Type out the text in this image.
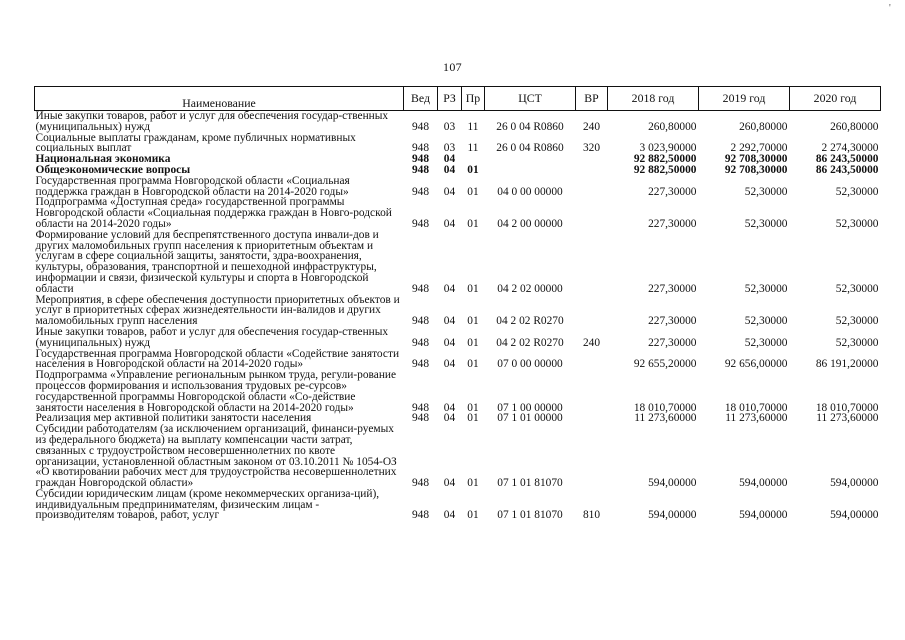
'
107
Наименование	Вед	РЗ	Пр	ЦСТ	ВР	2018 год	2019 год	2020 год
Иные закупки товаров, работ и услуг для обеспечения государ-ственных (муниципальных) нужд	948	03	11	26 0 04 R0860	240	260,80000	260,80000	260,80000
Социальные выплаты гражданам, кроме публичных нормативных социальных выплат	948	03	11	26 0 04 R0860	320	3 023,90000	2 292,70000	2 274,30000
Национальная экономика	948	04				92 882,50000	92 708,30000	86 243,50000
Общеэкономические вопросы	948	04	01			92 882,50000	92 708,30000	86 243,50000
Государственная программа Новгородской области «Социальная поддержка граждан в Новгородской области на 2014-2020 годы»	948	04	01	04 0 00 00000		227,30000	52,30000	52,30000
Подпрограмма «Доступная среда» государственной программы Новгородской области «Социальная поддержка граждан в Новго-родской области на 2014-2020 годы»	948	04	01	04 2 00 00000		227,30000	52,30000	52,30000
Формирование условий для беспрепятственного доступа инвали-дов и других маломобильных групп населения к приоритетным объектам и услугам в сфере социальной защиты, занятости, здра-воохранения, культуры, образования, транспортной и пешеходной инфраструктуры, информации и связи, физической культуры и спорта в Новгородской области	948	04	01	04 2 02 00000		227,30000	52,30000	52,30000
Мероприятия, в сфере обеспечения доступности приоритетных объектов и услуг в приоритетных сферах жизнедеятельности ин-валидов и других маломобильных групп населения	948	04	01	04 2 02 R0270		227,30000	52,30000	52,30000
Иные закупки товаров, работ и услуг для обеспечения государ-ственных (муниципальных) нужд	948	04	01	04 2 02 R0270	240	227,30000	52,30000	52,30000
Государственная программа Новгородской области «Содействие занятости населения в Новгородской области на 2014-2020 годы»	948	04	01	07 0 00 00000		92 655,20000	92 656,00000	86 191,20000
Подпрограмма «Управление региональным рынком труда, регули-рование процессов формирования и использования трудовых ре-сурсов» государственной программы Новгородской области «Со-действие занятости населения в Новгородской области на 2014-2020 годы»	948	04	01	07 1 00 00000		18 010,70000	18 010,70000	18 010,70000
Реализация мер активной политики занятости населения	948	04	01	07 1 01 00000		11 273,60000	11 273,60000	11 273,60000
Субсидии работодателям (за исключением организаций, финанси-руемых из федерального бюджета) на выплату компенсации части затрат, связанных с трудоустройством несовершеннолетних по квоте организации, установленной областным законом от 03.10.2011 № 1054-ОЗ «О квотировании рабочих мест для трудоустройства несовершеннолетних граждан Новгородской области»	948	04	01	07 1 01 81070		594,00000	594,00000	594,00000
Субсидии юридическим лицам (кроме некоммерческих организа-ций), индивидуальным предпринимателям, физическим лицам - производителям товаров, работ, услуг	948	04	01	07 1 01 81070	810	594,00000	594,00000	594,00000
